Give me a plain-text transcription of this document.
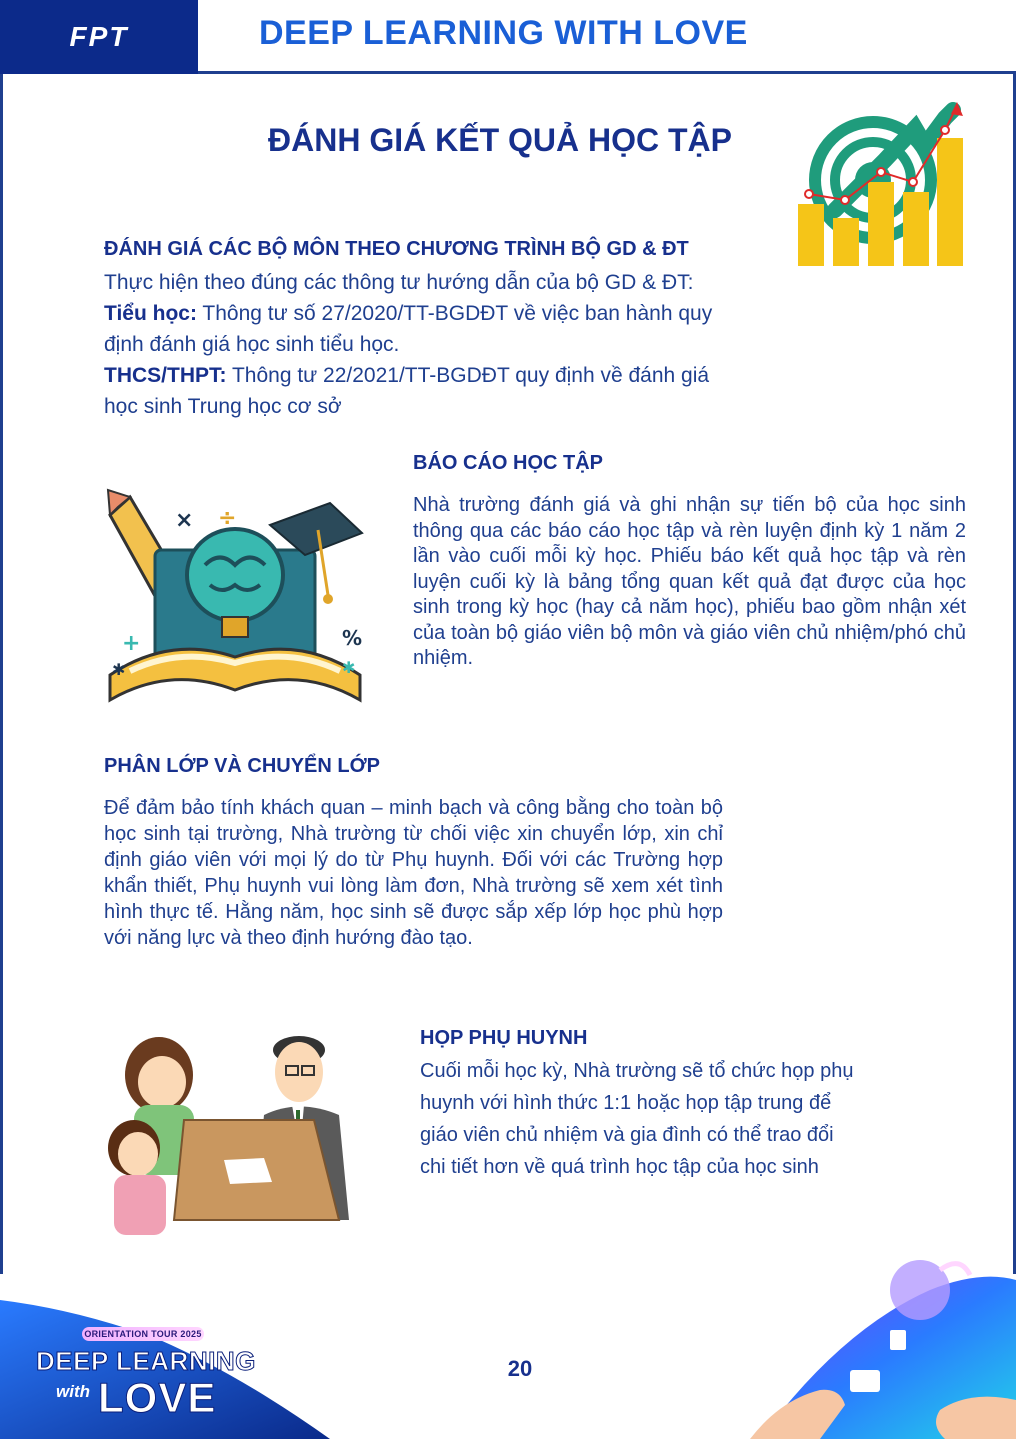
FPT	DEEP LEARNING WITH LOVE
ĐÁNH GIÁ KẾT QUẢ HỌC TẬP
ĐÁNH GIÁ CÁC BỘ MÔN THEO CHƯƠNG TRÌNH BỘ GD & ĐT
Thực hiện theo đúng các thông tư hướng dẫn của bộ GD & ĐT:
Tiểu học: Thông tư số 27/2020/TT-BGDĐT về việc ban hành quy
định đánh giá học sinh tiểu học.
THCS/THPT: Thông tư 22/2021/TT-BGDĐT quy định về đánh giá
học sinh Trung học cơ sở
× ÷
+	%
✱	✱
BÁO CÁO HỌC TẬP
Nhà trường đánh giá và ghi nhận sự tiến bộ của học sinh thông qua các báo cáo học tập và rèn luyện định kỳ 1 năm 2 lần vào cuối mỗi kỳ học. Phiếu báo kết quả học tập và rèn luyện cuối kỳ là bảng tổng quan kết quả đạt được của học sinh trong kỳ học (hay cả năm học), phiếu bao gồm nhận xét của toàn bộ giáo viên bộ môn và giáo viên chủ nhiệm/phó chủ nhiệm.
PHÂN LỚP VÀ CHUYỂN LỚP
Để đảm bảo tính khách quan – minh bạch và công bằng cho toàn bộ học sinh tại trường, Nhà trường từ chối việc xin chuyển lớp, xin chỉ định giáo viên với mọi lý do từ Phụ huynh. Đối với các Trường hợp khẩn thiết, Phụ huynh vui lòng làm đơn, Nhà trường sẽ xem xét tình hình thực tế. Hằng năm, học sinh sẽ được sắp xếp lớp học phù hợp với năng lực và theo định hướng đào tạo.
HỌP PHỤ HUYNH
Cuối mỗi học kỳ, Nhà trường sẽ tổ chức họp phụ
huynh với hình thức 1:1 hoặc họp tập trung để
giáo viên chủ nhiệm và gia đình có thể trao đổi
chi tiết hơn về quá trình học tập của học sinh
ORIENTATION TOUR 2025
DEEP LEARNING
with LOVE
20
